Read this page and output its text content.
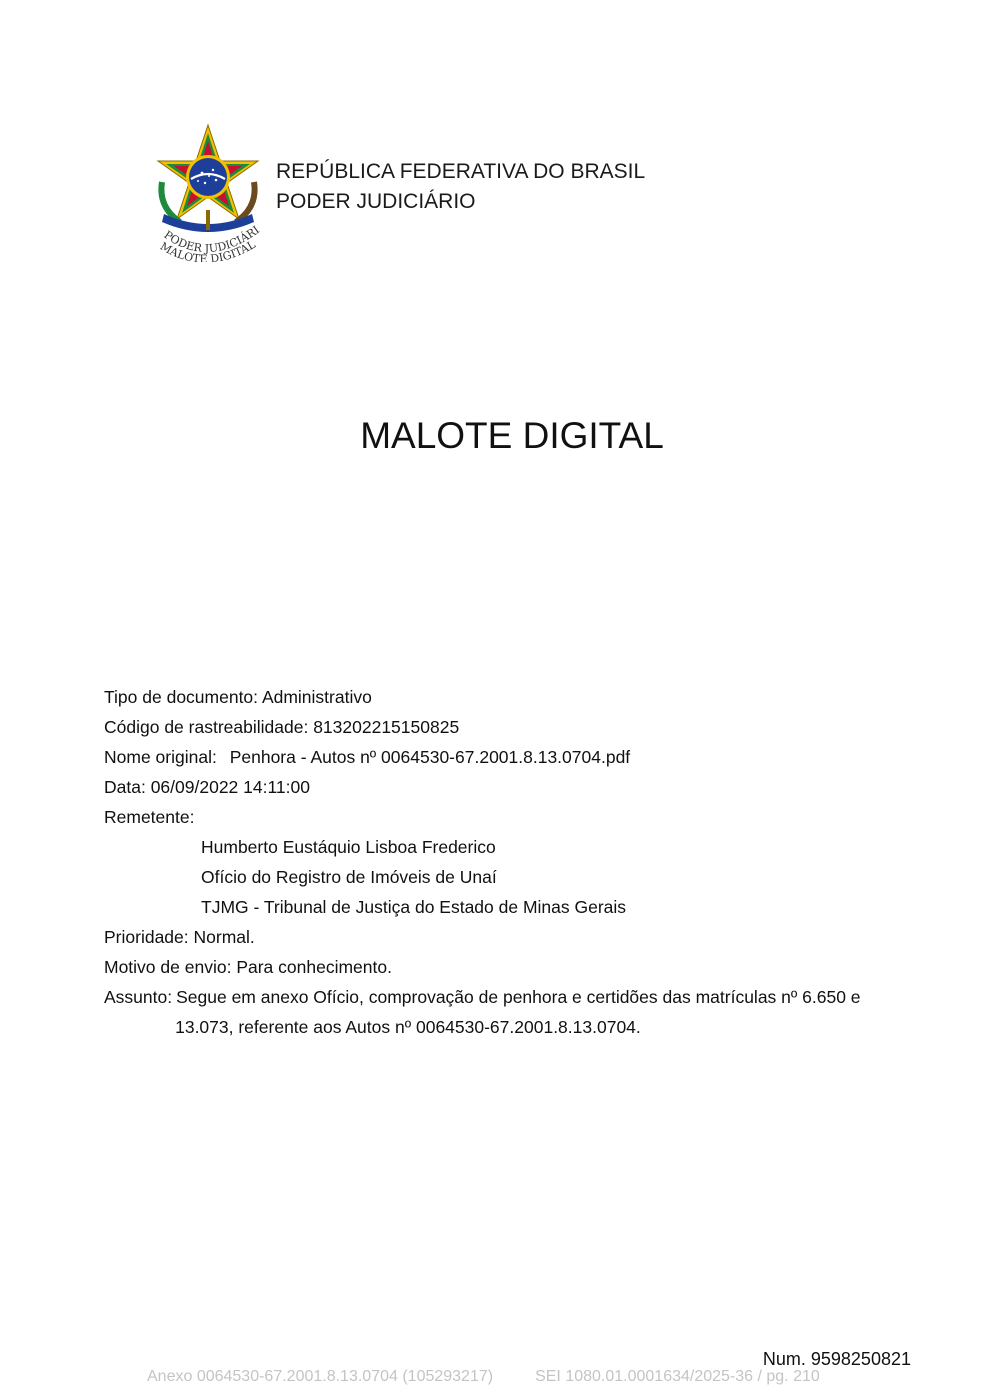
PODER JUDICIÁRI
MALOTE DIGITAL
REPÚBLICA FEDERATIVA DO BRASIL
PODER JUDICIÁRIO
MALOTE DIGITAL
Tipo de documento: Administrativo
Código de rastreabilidade: 813202215150825
Nome original: Penhora - Autos nº 0064530-67.2001.8.13.0704.pdf
Data: 06/09/2022 14:11:00
Remetente:
Humberto Eustáquio Lisboa Frederico
Ofício do Registro de Imóveis de Unaí
TJMG - Tribunal de Justiça do Estado de Minas Gerais
Prioridade: Normal.
Motivo de envio: Para conhecimento.
Assunto: Segue em anexo Ofício, comprovação de penhora e certidões das matrículas nº 6.650 e
13.073, referente aos Autos nº 0064530-67.2001.8.13.0704.
Num. 9598250821
Anexo 0064530-67.2001.8.13.0704 (105293217)	SEI 1080.01.0001634/2025-36 / pg. 210
